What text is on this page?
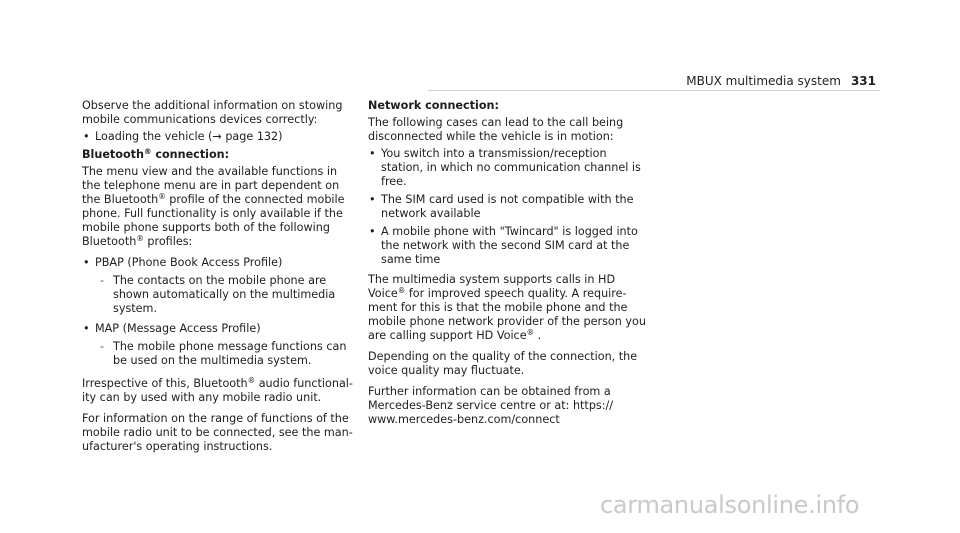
MBUX multimedia system 331

Observe the additional information on stowing mobile communications devices correctly:

• Loading the vehicle (→ page 132)
Bluetooth® connection:

The menu view and the available functions in the telephone menu are in part dependent on the Bluetooth® profile of the connected mobile phone. Full functionality is only available if the mobile phone supports both of the following Bluetooth® profiles:

• PBAP (Phone Book Access Profile)
- The contacts on the mobile phone are shown automatically on the multimedia system.
• MAP (Message Access Profile)
- The mobile phone message functions can be used on the multimedia system.

Irrespective of this, Bluetooth® audio functional-ity can by used with any mobile radio unit.

For information on the range of functions of the mobile radio unit to be connected, see the man-ufacturer's operating instructions.

Network connection:

The following cases can lead to the call being disconnected while the vehicle is in motion:

• You switch into a transmission/reception station, in which no communication channel is free.
• The SIM card used is not compatible with the network available
• A mobile phone with "Twincard" is logged into the network with the second SIM card at the same time

The multimedia system supports calls in HD Voice® for improved speech quality. A require-ment for this is that the mobile phone and the mobile phone network provider of the person you are calling support HD Voice® .

Depending on the quality of the connection, the voice quality may fluctuate.

Further information can be obtained from a
Mercedes-Benz service centre or at: https://
www.mercedes-benz.com/connect

carmanualsonline.info
